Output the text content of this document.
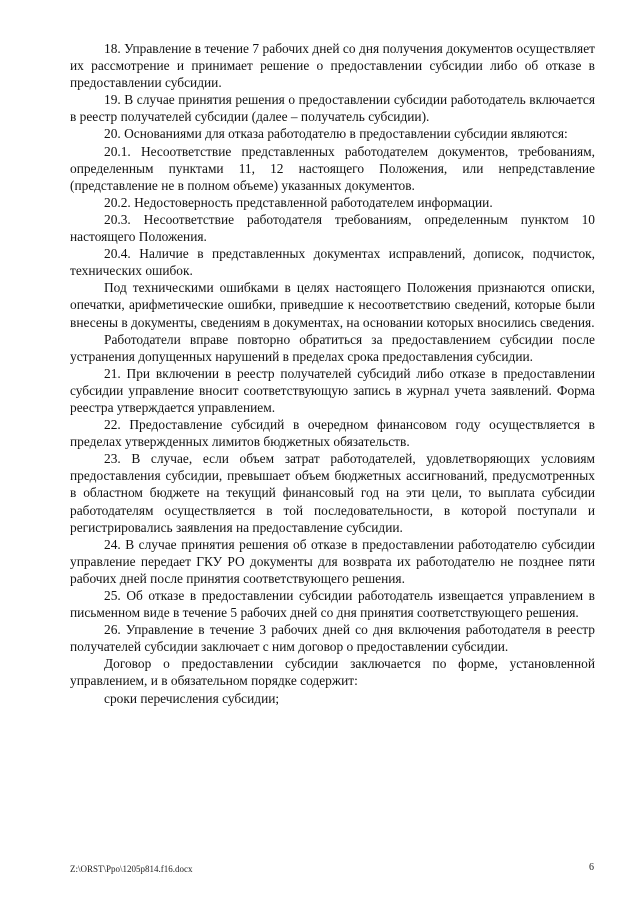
18. Управление в течение 7 рабочих дней со дня получения документов осуществляет их рассмотрение и принимает решение о предоставлении субсидии либо об отказе в предоставлении субсидии.

19. В случае принятия решения о предоставлении субсидии работодатель включается в реестр получателей субсидии (далее – получатель субсидии).

20. Основаниями для отказа работодателю в предоставлении субсидии являются:

20.1. Несоответствие представленных работодателем документов, требованиям, определенным пунктами 11, 12 настоящего Положения, или непредставление (представление не в полном объеме) указанных документов.

20.2. Недостоверность представленной работодателем информации.

20.3. Несоответствие работодателя требованиям, определенным пунктом 10 настоящего Положения.

20.4. Наличие в представленных документах исправлений, дописок, подчисток, технических ошибок.

Под техническими ошибками в целях настоящего Положения признаются описки, опечатки, арифметические ошибки, приведшие к несоответствию сведений, которые были внесены в документы, сведениям в документах, на основании которых вносились сведения.

Работодатели вправе повторно обратиться за предоставлением субсидии после устранения допущенных нарушений в пределах срока предоставления субсидии.

21. При включении в реестр получателей субсидий либо отказе в предоставлении субсидии управление вносит соответствующую запись в журнал учета заявлений. Форма реестра утверждается управлением.

22. Предоставление субсидий в очередном финансовом году осуществляется в пределах утвержденных лимитов бюджетных обязательств.

23. В случае, если объем затрат работодателей, удовлетворяющих условиям предоставления субсидии, превышает объем бюджетных ассигнований, предусмотренных в областном бюджете на текущий финансовый год на эти цели, то выплата субсидии работодателям осуществляется в той последовательности, в которой поступали и регистрировались заявления на предоставление субсидии.

24. В случае принятия решения об отказе в предоставлении работодателю субсидии управление передает ГКУ РО документы для возврата их работодателю не позднее пяти рабочих дней после принятия соответствующего решения.

25. Об отказе в предоставлении субсидии работодатель извещается управлением в письменном виде в течение 5 рабочих дней со дня принятия соответствующего решения.

26. Управление в течение 3 рабочих дней со дня включения работодателя в реестр получателей субсидии заключает с ним договор о предоставлении субсидии.

Договор о предоставлении субсидии заключается по форме, установленной управлением, и в обязательном порядке содержит:

сроки перечисления субсидии;

Z:\ORST\Ppo\1205p814.f16.docx	6
